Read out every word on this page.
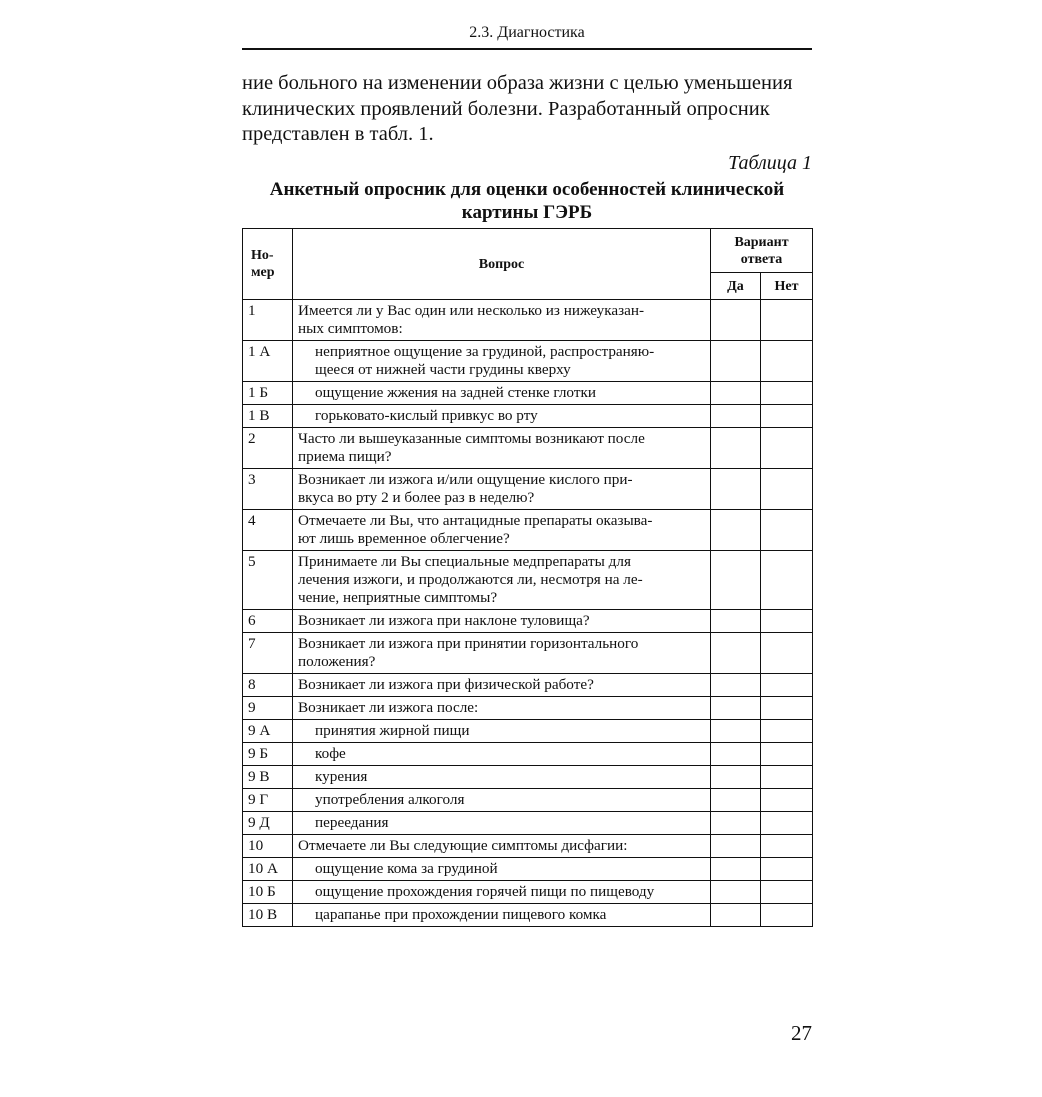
2.3. Диагностика
ние больного на изменении образа жизни с целью уменьшения
клинических проявлений болезни. Разработанный опросник
представлен в табл. 1.
Таблица 1
Анкетный опросник для оценки особенностей клинической
картины ГЭРБ
Но-
мер	Вопрос	Вариант
ответа	
		Да	Нет
1	Имеется ли у Вас один или несколько из нижеуказан-
ных симптомов:		
1 А	неприятное ощущение за грудиной, распространяю-
щееся от нижней части грудины кверху		
1 Б	ощущение жжения на задней стенке глотки		
1 В	горьковато-кислый привкус во рту		
2	Часто ли вышеуказанные симптомы возникают после
приема пищи?		
3	Возникает ли изжога и/или ощущение кислого при-
вкуса во рту 2 и более раз в неделю?		
4	Отмечаете ли Вы, что антацидные препараты оказыва-
ют лишь временное облегчение?		
5	Принимаете ли Вы специальные медпрепараты для
лечения изжоги, и продолжаются ли, несмотря на ле-
чение, неприятные симптомы?		
6	Возникает ли изжога при наклоне туловища?		
7	Возникает ли изжога при принятии горизонтального
положения?		
8	Возникает ли изжога при физической работе?		
9	Возникает ли изжога после:		
9 А	принятия жирной пищи		
9 Б	кофе		
9 В	курения		
9 Г	употребления алкоголя		
9 Д	переедания		
10	Отмечаете ли Вы следующие симптомы дисфагии:		
10 А	ощущение кома за грудиной		
10 Б	ощущение прохождения горячей пищи по пищеводу		
10 В	царапанье при прохождении пищевого комка		
27
